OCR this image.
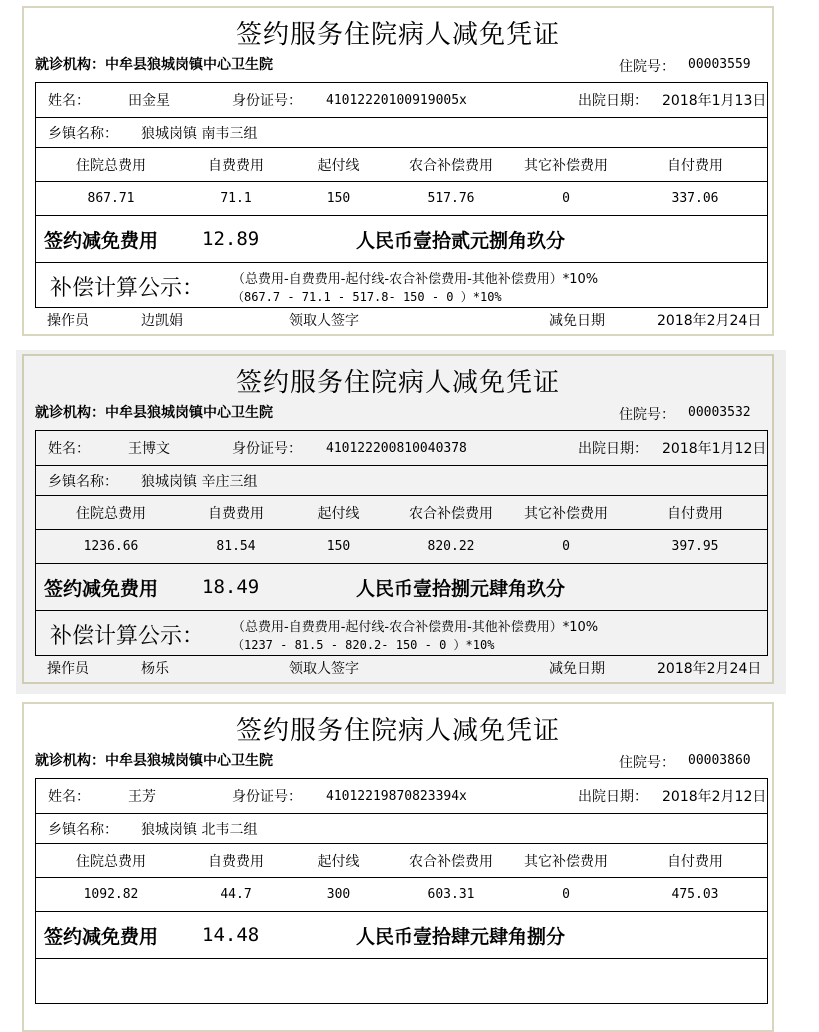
签约服务住院病人减免凭证
就诊机构：中牟县狼城岗镇中心卫生院	住院号： 00003559
姓名：	田金星	身份证号： 41012220100919005x	出院日期： 2018年1月13日
乡镇名称： 狼城岗镇 南韦三组
住院总费用	自费费用	起付线	农合补偿费用	其它补偿费用	自付费用
867.71	71.1	150	517.76	0	337.06
签约减免费用 12.89	人民币壹拾贰元捌角玖分
补偿计算公示： （总费用-自费费用-起付线-农合补偿费用-其他补偿费用）*10%
（867.7 - 71.1 - 517.8- 150 - 0 ）*10%
操作员	边凯娟	领取人签字	减免日期	2018年2月24日
签约服务住院病人减免凭证
就诊机构：中牟县狼城岗镇中心卫生院	住院号： 00003532
姓名：	王博文	身份证号： 410122200810040378	出院日期： 2018年1月12日
乡镇名称： 狼城岗镇 辛庄三组
住院总费用	自费费用	起付线	农合补偿费用	其它补偿费用	自付费用
1236.66	81.54	150	820.22	0	397.95
签约减免费用 18.49	人民币壹拾捌元肆角玖分
补偿计算公示： （总费用-自费费用-起付线-农合补偿费用-其他补偿费用）*10%
（1237 - 81.5 - 820.2- 150 - 0 ）*10%
操作员	杨乐	领取人签字	减免日期	2018年2月24日
签约服务住院病人减免凭证
就诊机构：中牟县狼城岗镇中心卫生院	住院号： 00003860
姓名：	王芳	身份证号： 41012219870823394x	出院日期： 2018年2月12日
乡镇名称： 狼城岗镇 北韦二组
住院总费用	自费费用	起付线	农合补偿费用	其它补偿费用	自付费用
1092.82	44.7	300	603.31	0	475.03
签约减免费用 14.48	人民币壹拾肆元肆角捌分
